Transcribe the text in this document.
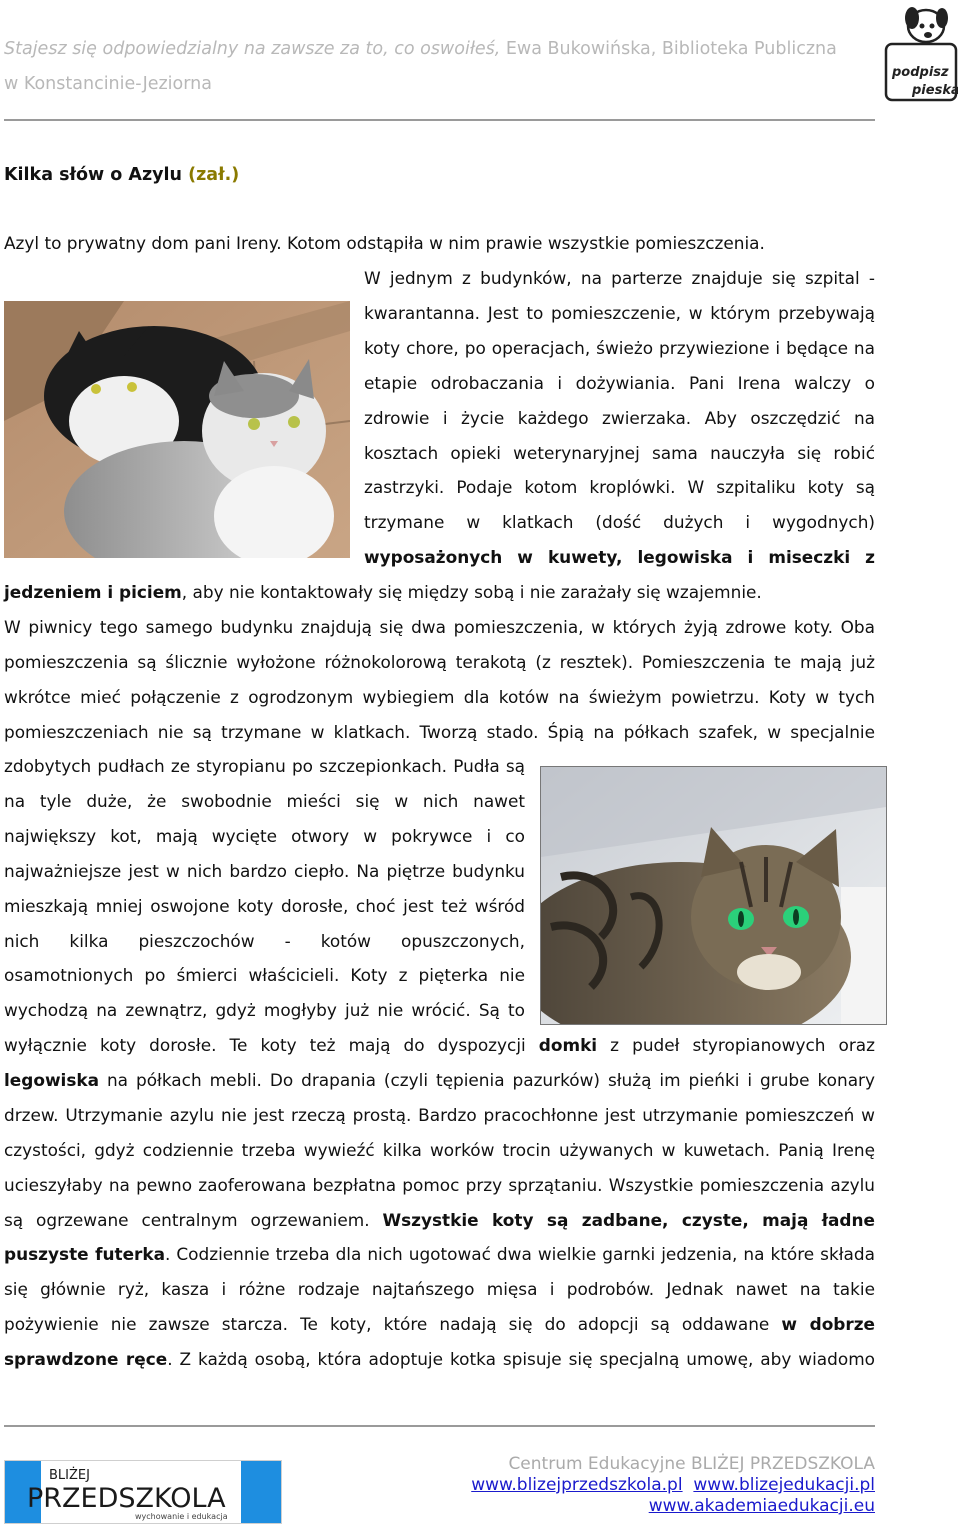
Stajesz się odpowiedzialny na zawsze za to, co oswoiłeś, Ewa Bukowińska, Biblioteka Publiczna
w Konstancinie-Jeziorna
podpisz
pieska
Kilka słów o Azylu (zał.)
Azyl to prywatny dom pani Ireny. Kotom odstąpiła w nim prawie wszystkie pomieszczenia.
W jednym z budynków, na parterze znajduje się szpital -
kwarantanna. Jest to pomieszczenie, w którym przebywają
koty chore, po operacjach, świeżo przywiezione i będące na
etapie odrobaczania i dożywiania. Pani Irena walczy o
zdrowie i życie każdego zwierzaka. Aby oszczędzić na
kosztach opieki weterynaryjnej sama nauczyła się robić
zastrzyki. Podaje kotom kroplówki. W szpitaliku koty są
trzymane w klatkach (dość dużych i wygodnych)
wyposażonych w kuwety, legowiska i miseczki z
jedzeniem i piciem, aby nie kontaktowały się między sobą i nie zarażały się wzajemnie.
W piwnicy tego samego budynku znajdują się dwa pomieszczenia, w których żyją zdrowe koty. Oba
pomieszczenia są ślicznie wyłożone różnokolorową terakotą (z resztek). Pomieszczenia te mają już
wkrótce mieć połączenie z ogrodzonym wybiegiem dla kotów na świeżym powietrzu. Koty w tych
pomieszczeniach nie są trzymane w klatkach. Tworzą stado. Śpią na półkach szafek, w specjalnie
zdobytych pudłach ze styropianu po szczepionkach. Pudła są
na tyle duże, że swobodnie mieści się w nich nawet
największy kot, mają wycięte otwory w pokrywce i co
najważniejsze jest w nich bardzo ciepło. Na piętrze budynku
mieszkają mniej oswojone koty dorosłe, choć jest też wśród
nich kilka pieszczochów - kotów opuszczonych,
osamotnionych po śmierci właścicieli. Koty z pięterka nie
wychodzą na zewnątrz, gdyż mogłyby już nie wrócić. Są to
wyłącznie koty dorosłe. Te koty też mają do dyspozycji domki z pudeł styropianowych oraz
legowiska na półkach mebli. Do drapania (czyli tępienia pazurków) służą im pieńki i grube konary
drzew. Utrzymanie azylu nie jest rzeczą prostą. Bardzo pracochłonne jest utrzymanie pomieszczeń w
czystości, gdyż codziennie trzeba wywieźć kilka worków trocin używanych w kuwetach. Panią Irenę
ucieszyłaby na pewno zaoferowana bezpłatna pomoc przy sprzątaniu. Wszystkie pomieszczenia azylu
są ogrzewane centralnym ogrzewaniem. Wszystkie koty są zadbane, czyste, mają ładne
puszyste futerka. Codziennie trzeba dla nich ugotować dwa wielkie garnki jedzenia, na które składa
się głównie ryż, kasza i różne rodzaje najtańszego mięsa i podrobów. Jednak nawet na takie
pożywienie nie zawsze starcza. Te koty, które nadają się do adopcji są oddawane w dobrze
sprawdzone ręce. Z każdą osobą, która adoptuje kotka spisuje się specjalną umowę, aby wiadomo
BLIŻEJ
PRZEDSZKOLA
wychowanie i edukacja
Centrum Edukacyjne BLIŻEJ PRZEDSZKOLA
www.blizejprzedszkola.pl www.blizejedukacji.pl
www.akademiaedukacji.eu
